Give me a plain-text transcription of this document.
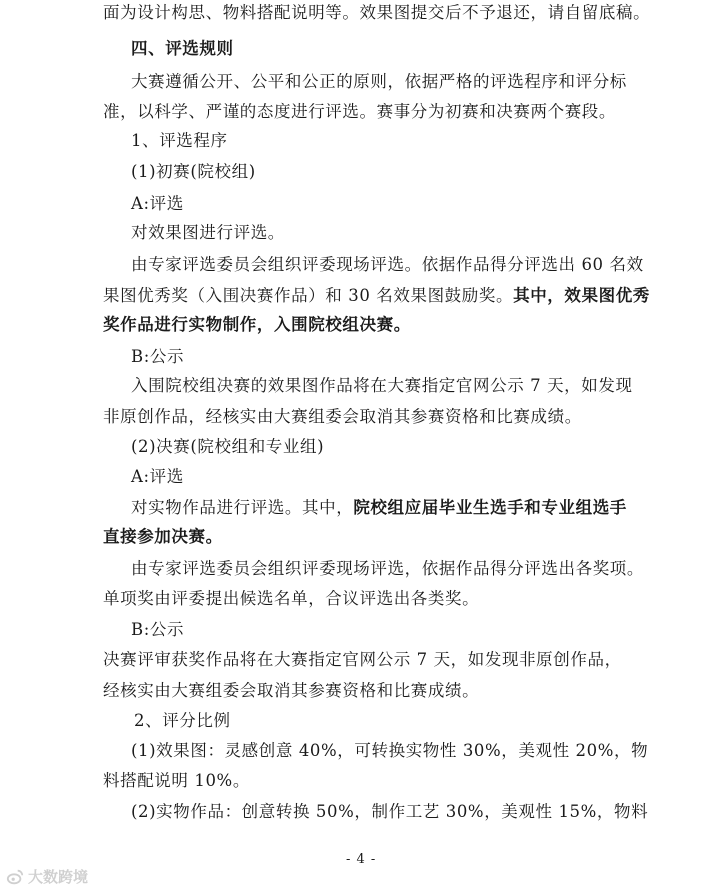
面为设计构思、物料搭配说明等。效果图提交后不予退还，请自留底稿。
四、评选规则
大赛遵循公开、公平和公正的原则，依据严格的评选程序和评分标
准，以科学、严谨的态度进行评选。赛事分为初赛和决赛两个赛段。
1、评选程序
(1)初赛(院校组)
A:评选
对效果图进行评选。
由专家评选委员会组织评委现场评选。依据作品得分评选出 60 名效
果图优秀奖（入围决赛作品）和 30 名效果图鼓励奖。其中，效果图优秀
奖作品进行实物制作，入围院校组决赛。
B:公示
入围院校组决赛的效果图作品将在大赛指定官网公示 7 天，如发现
非原创作品，经核实由大赛组委会取消其参赛资格和比赛成绩。
(2)决赛(院校组和专业组)
A:评选
对实物作品进行评选。其中，院校组应届毕业生选手和专业组选手
直接参加决赛。
由专家评选委员会组织评委现场评选，依据作品得分评选出各奖项。
单项奖由评委提出候选名单，合议评选出各类奖。
B:公示
决赛评审获奖作品将在大赛指定官网公示 7 天，如发现非原创作品，
经核实由大赛组委会取消其参赛资格和比赛成绩。
2、评分比例
(1)效果图：灵感创意 40%，可转换实物性 30%，美观性 20%，物
料搭配说明 10%。
(2)实物作品：创意转换 50%，制作工艺 30%，美观性 15%，物料
- 4 -
大数跨境
